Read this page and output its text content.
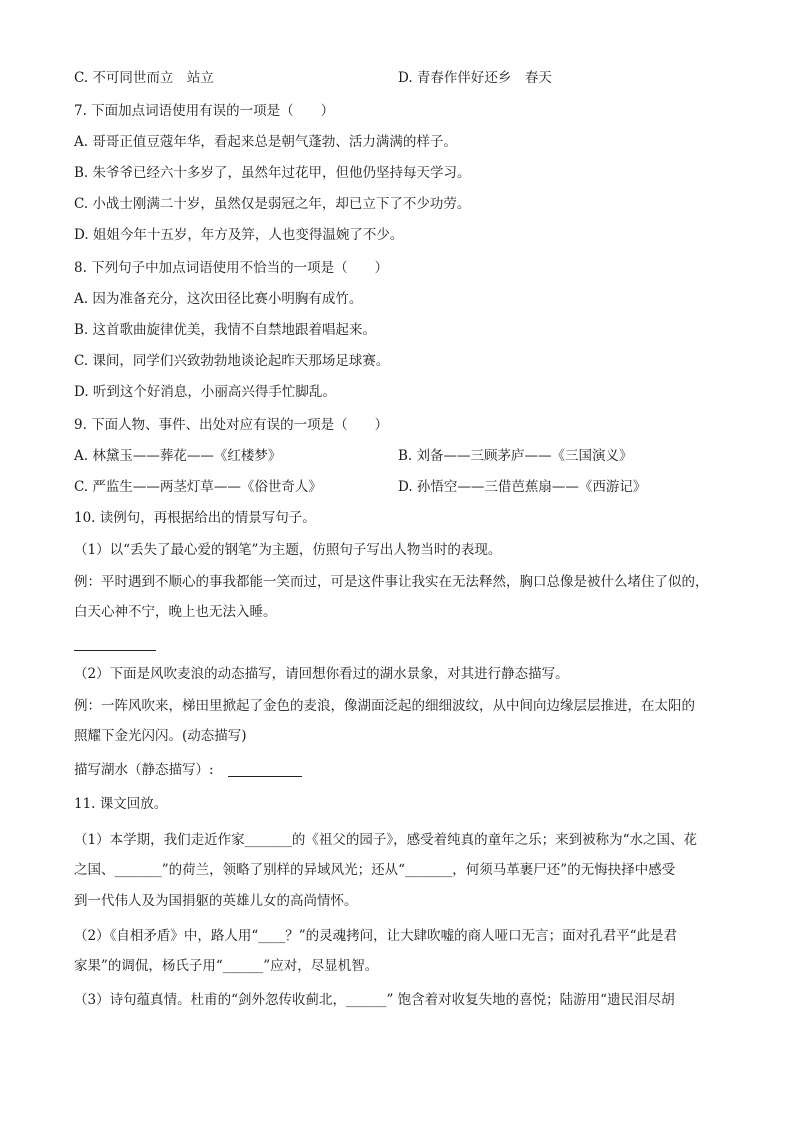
C. 不可同世而立　站立	D. 青春作伴好还乡　春天
7. 下面加点词语使用有误的一项是（　　）
A. 哥哥正值豆蔻年华，看起来总是朝气蓬勃、活力满满的样子。
B. 朱爷爷已经六十多岁了，虽然年过花甲，但他仍坚持每天学习。
C. 小战士刚满二十岁，虽然仅是弱冠之年，却已立下了不少功劳。
D. 姐姐今年十五岁，年方及笄，人也变得温婉了不少。
8. 下列句子中加点词语使用不恰当的一项是（　　）
A. 因为准备充分，这次田径比赛小明胸有成竹。
B. 这首歌曲旋律优美，我情不自禁地跟着唱起来。
C. 课间，同学们兴致勃勃地谈论起昨天那场足球赛。
D. 听到这个好消息，小丽高兴得手忙脚乱。
9. 下面人物、事件、出处对应有误的一项是（　　）
A. 林黛玉——葬花——《红楼梦》	B. 刘备——三顾茅庐——《三国演义》
C. 严监生——两茎灯草——《俗世奇人》	D. 孙悟空——三借芭蕉扇——《西游记》
10. 读例句，再根据给出的情景写句子。
（1）以“丢失了最心爱的钢笔”为主题，仿照句子写出人物当时的表现。
例：平时遇到不顺心的事我都能一笑而过，可是这件事让我实在无法释然，胸口总像是被什么堵住了似的，
白天心神不宁，晚上也无法入睡。
（2）下面是风吹麦浪的动态描写，请回想你看过的湖水景象，对其进行静态描写。
例：一阵风吹来，梯田里掀起了金色的麦浪，像湖面泛起的细细波纹，从中间向边缘层层推进，在太阳的
照耀下金光闪闪。(动态描写)
描写湖水（静态描写）:
11. 课文回放。
（1）本学期，我们走近作家_______的《祖父的园子》，感受着纯真的童年之乐；来到被称为“水之国、花
之国、_______”的荷兰，领略了别样的异域风光；还从“_______，何须马革裹尸还”的无悔抉择中感受
到一代伟人及为国捐躯的英雄儿女的高尚情怀。
（2）《自相矛盾》中，路人用“____？”的灵魂拷问，让大肆吹嘘的商人哑口无言；面对孔君平“此是君
家果”的调侃，杨氏子用“______”应对，尽显机智。
（3）诗句蕴真情。杜甫的“剑外忽传收蓟北，______” 饱含着对收复失地的喜悦；陆游用“遗民泪尽胡
